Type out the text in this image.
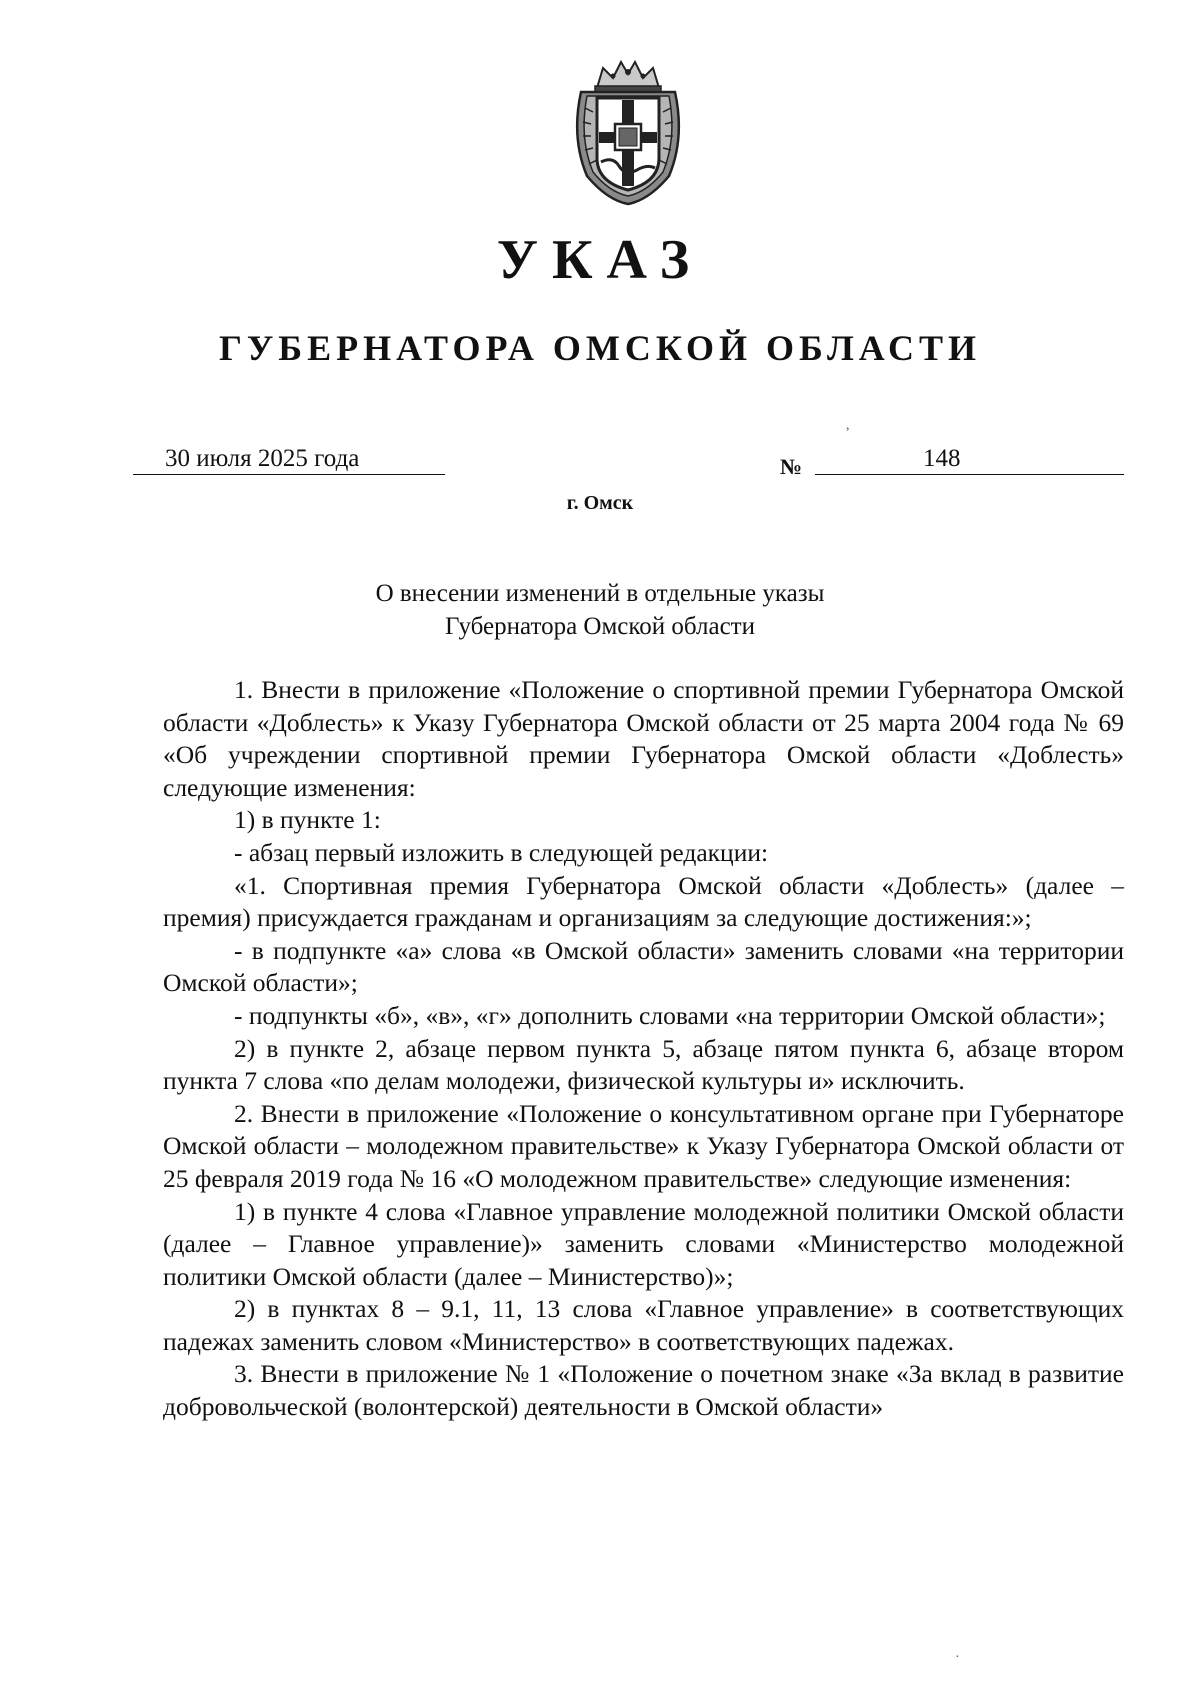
УКАЗ
ГУБЕРНАТОРА ОМСКОЙ ОБЛАСТИ
30 июля 2025 года	№	148
г. Омск
О внесении изменений в отдельные указы
Губернатора Омской области

1. Внести в приложение «Положение о спортивной премии Губернатора Омской области «Доблесть» к Указу Губернатора Омской области от 25 марта 2004 года № 69 «Об учреждении спортивной премии Губернатора Омской области «Доблесть» следующие изменения:

1) в пункте 1:

- абзац первый изложить в следующей редакции:

«1. Спортивная премия Губернатора Омской области «Доблесть» (далее – премия) присуждается гражданам и организациям за следующие достижения:»;

- в подпункте «а» слова «в Омской области» заменить словами «на территории Омской области»;

- подпункты «б», «в», «г» дополнить словами «на территории Омской области»;

2) в пункте 2, абзаце первом пункта 5, абзаце пятом пункта 6, абзаце втором пункта 7 слова «по делам молодежи, физической культуры и» исключить.

2. Внести в приложение «Положение о консультативном органе при Губернаторе Омской области – молодежном правительстве» к Указу Губернатора Омской области от 25 февраля 2019 года № 16 «О молодежном правительстве» следующие изменения:

1) в пункте 4 слова «Главное управление молодежной политики Омской области (далее – Главное управление)» заменить словами «Министерство молодежной политики Омской области (далее – Министерство)»;

2) в пунктах 8 – 9.1, 11, 13 слова «Главное управление» в соответствующих падежах заменить словом «Министерство» в соответствующих падежах.

3. Внести в приложение № 1 «Положение о почетном знаке «За вклад в развитие добровольческой (волонтерской) деятельности в Омской области»

,
·
